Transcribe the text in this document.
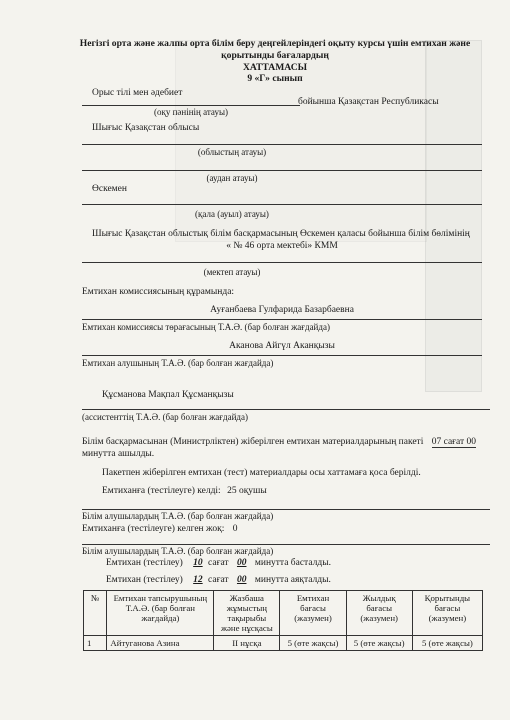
Негізгі орта және жалпы орта білім беру деңгейлеріндегі оқыту курсы үшін емтихан және
қорытынды бағалардың
ХАТТАМАСЫ
9 «Г» сынып
Орыс тілі мен әдебиет
бойынша Қазақстан Республикасы
(оқу пәнінің атауы)
Шығыс Қазақстан облысы
(облыстың атауы)
(аудан атауы)
Өскемен
(қала (ауыл) атауы)
Шығыс Қазақстан облыстық білім басқармасының Өскемен қаласы бойынша білім бөлімінің
« № 46 орта мектебі» КММ
(мектеп атауы)
Емтихан комиссиясының құрамында:
Ауғанбаева Гулфарида Базарбаевна
Емтихан комиссиясы төрағасының Т.А.Ә. (бар болған жағдайда)
Аканова Айгүл Аканқызы
Емтихан алушының Т.А.Ә. (бар болған жағдайда)
Құсманова Мақпал Құсманқызы
(ассистенттің Т.А.Ә. (бар болған жағдайда)
Білім басқармасынан (Министрліктен) жіберілген емтихан материалдарының пакеті 07 сағат 00
минутта ашылды.
Пакетпен жіберілген емтихан (тест) материалдары осы хаттамаға қоса берілді.
Емтиханға (тестілеуге) келді: 25 оқушы
Білім алушылардың Т.А.Ә. (бар болған жағдайда)
Емтиханға (тестілеуге) келген жоқ: 0
Білім алушылардың Т.А.Ә. (бар болған жағдайда)
Емтихан (тестілеу) 10 сағат 00 минутта басталды.
Емтихан (тестілеу) 12 сағат 00 минутта аяқталды.
№	Емтихан тапсырушының Т.А.Ә. (бар болған жағдайда)	Жазбаша жұмыстың тақырыбы және нұсқасы	Емтихан бағасы (жазумен)	Жылдық бағасы (жазумен)	Қорытынды бағасы (жазумен)
1	Айтуганова Азина	II нұсқа	5 (өте жақсы)	5 (өте жақсы)	5 (өте жақсы)
